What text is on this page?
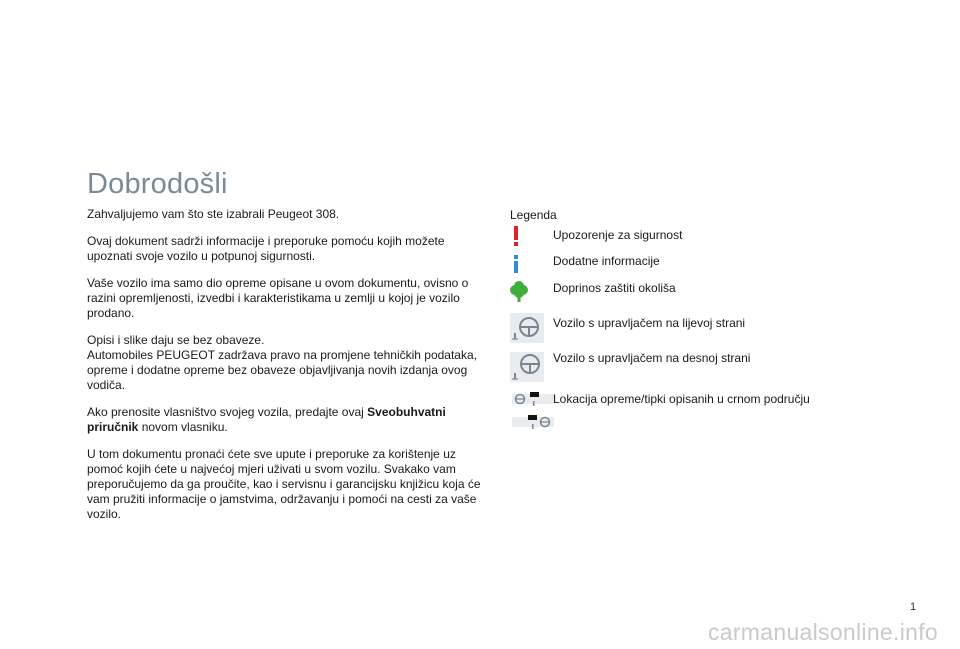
Dobrodošli

Zahvaljujemo vam što ste izabrali Peugeot 308.

Ovaj dokument sadrži informacije i preporuke pomoću kojih možete upoznati svoje vozilo u potpunoj sigurnosti.

Vaše vozilo ima samo dio opreme opisane u ovom dokumentu, ovisno o razini opremljenosti, izvedbi i karakteristikama u zemlji u kojoj je vozilo prodano.

Opisi i slike daju se bez obaveze.
Automobiles PEUGEOT zadržava pravo na promjene tehničkih podataka, opreme i dodatne opreme bez obaveze objavljivanja novih izdanja ovog vodiča.

Ako prenosite vlasništvo svojeg vozila, predajte ovaj Sveobuhvatni priručnik novom vlasniku.

U tom dokumentu pronaći ćete sve upute i preporuke za korištenje uz pomoć kojih ćete u najvećoj mjeri uživati u svom vozilu. Svakako vam preporučujemo da ga proučite, kao i servisnu i garancijsku knjižicu koja će vam pružiti informacije o jamstvima, održavanju i pomoći na cesti za vaše vozilo.

Legenda
Upozorenje za sigurnost
Dodatne informacije
Doprinos zaštiti okoliša
Vozilo s upravljačem na lijevoj strani
Vozilo s upravljačem na desnoj strani
Lokacija opreme/tipki opisanih u crnom području
1
carmanualsonline.info
